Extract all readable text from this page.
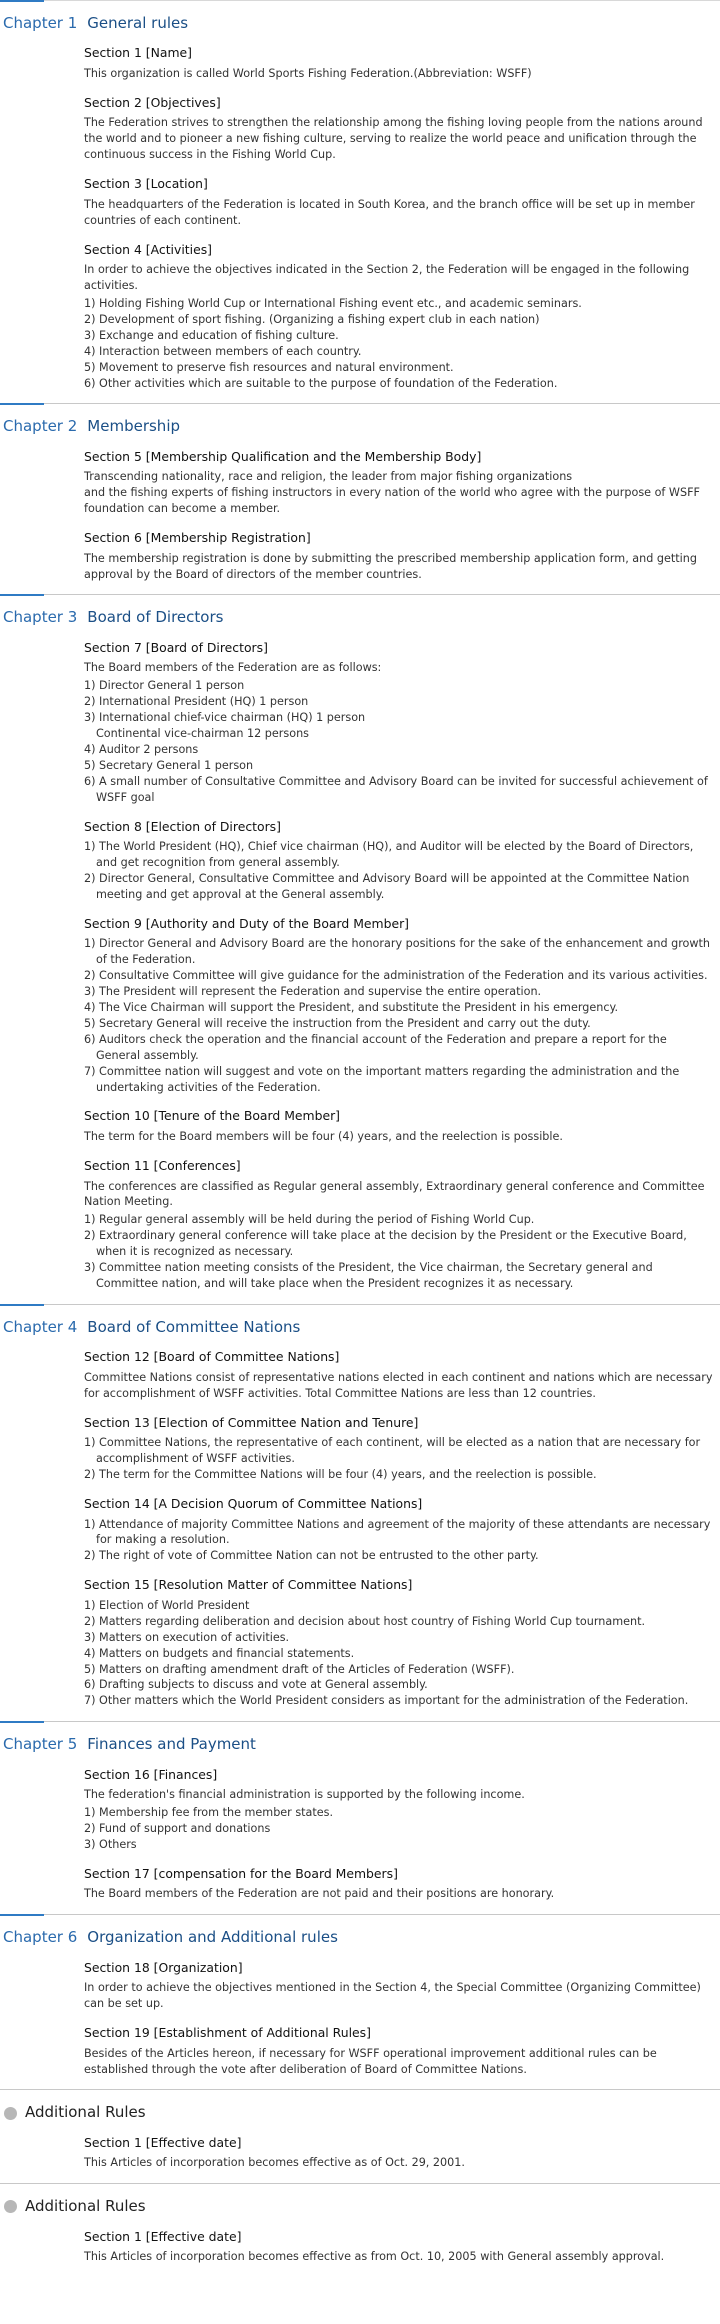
Chapter 1 General rules
Section 1 [Name]
This organization is called World Sports Fishing Federation.(Abbreviation: WSFF)
Section 2 [Objectives]
The Federation strives to strengthen the relationship among the fishing loving people from the nations around the world and to pioneer a new fishing culture, serving to realize the world peace and unification through the continuous success in the Fishing World Cup.
Section 3 [Location]
The headquarters of the Federation is located in South Korea, and the branch office will be set up in member countries of each continent.
Section 4 [Activities]
In order to achieve the objectives indicated in the Section 2, the Federation will be engaged in the following activities.
1) Holding Fishing World Cup or International Fishing event etc., and academic seminars.
2) Development of sport fishing. (Organizing a fishing expert club in each nation)
3) Exchange and education of fishing culture.
4) Interaction between members of each country.
5) Movement to preserve fish resources and natural environment.
6) Other activities which are suitable to the purpose of foundation of the Federation.
Chapter 2 Membership
Section 5 [Membership Qualification and the Membership Body]
Transcending nationality, race and religion, the leader from major fishing organizations
and the fishing experts of fishing instructors in every nation of the world who agree with the purpose of WSFF foundation can become a member.
Section 6 [Membership Registration]
The membership registration is done by submitting the prescribed membership application form, and getting approval by the Board of directors of the member countries.
Chapter 3 Board of Directors
Section 7 [Board of Directors]
The Board members of the Federation are as follows:
1) Director General 1 person
2) International President (HQ) 1 person
3) International chief-vice chairman (HQ) 1 person
Continental vice-chairman 12 persons
4) Auditor 2 persons
5) Secretary General 1 person
6) A small number of Consultative Committee and Advisory Board can be invited for successful achievement of WSFF goal
Section 8 [Election of Directors]
1) The World President (HQ), Chief vice chairman (HQ), and Auditor will be elected by the Board of Directors, and get recognition from general assembly.
2) Director General, Consultative Committee and Advisory Board will be appointed at the Committee Nation meeting and get approval at the General assembly.
Section 9 [Authority and Duty of the Board Member]
1) Director General and Advisory Board are the honorary positions for the sake of the enhancement and growth of the Federation.
2) Consultative Committee will give guidance for the administration of the Federation and its various activities.
3) The President will represent the Federation and supervise the entire operation.
4) The Vice Chairman will support the President, and substitute the President in his emergency.
5) Secretary General will receive the instruction from the President and carry out the duty.
6) Auditors check the operation and the financial account of the Federation and prepare a report for the General assembly.
7) Committee nation will suggest and vote on the important matters regarding the administration and the undertaking activities of the Federation.
Section 10 [Tenure of the Board Member]
The term for the Board members will be four (4) years, and the reelection is possible.
Section 11 [Conferences]
The conferences are classified as Regular general assembly, Extraordinary general conference and Committee Nation Meeting.
1) Regular general assembly will be held during the period of Fishing World Cup.
2) Extraordinary general conference will take place at the decision by the President or the Executive Board, when it is recognized as necessary.
3) Committee nation meeting consists of the President, the Vice chairman, the Secretary general and Committee nation, and will take place when the President recognizes it as necessary.
Chapter 4 Board of Committee Nations
Section 12 [Board of Committee Nations]
Committee Nations consist of representative nations elected in each continent and nations which are necessary for accomplishment of WSFF activities. Total Committee Nations are less than 12 countries.
Section 13 [Election of Committee Nation and Tenure]
1) Committee Nations, the representative of each continent, will be elected as a nation that are necessary for accomplishment of WSFF activities.
2) The term for the Committee Nations will be four (4) years, and the reelection is possible.
Section 14 [A Decision Quorum of Committee Nations]
1) Attendance of majority Committee Nations and agreement of the majority of these attendants are necessary for making a resolution.
2) The right of vote of Committee Nation can not be entrusted to the other party.
Section 15 [Resolution Matter of Committee Nations]
1) Election of World President
2) Matters regarding deliberation and decision about host country of Fishing World Cup tournament.
3) Matters on execution of activities.
4) Matters on budgets and financial statements.
5) Matters on drafting amendment draft of the Articles of Federation (WSFF).
6) Drafting subjects to discuss and vote at General assembly.
7) Other matters which the World President considers as important for the administration of the Federation.
Chapter 5 Finances and Payment
Section 16 [Finances]
The federation's financial administration is supported by the following income.
1) Membership fee from the member states.
2) Fund of support and donations
3) Others
Section 17 [compensation for the Board Members]
The Board members of the Federation are not paid and their positions are honorary.
Chapter 6 Organization and Additional rules
Section 18 [Organization]
In order to achieve the objectives mentioned in the Section 4, the Special Committee (Organizing Committee) can be set up.
Section 19 [Establishment of Additional Rules]
Besides of the Articles hereon, if necessary for WSFF operational improvement additional rules can be established through the vote after deliberation of Board of Committee Nations.
Additional Rules
Section 1 [Effective date]
This Articles of incorporation becomes effective as of Oct. 29, 2001.
Additional Rules
Section 1 [Effective date]
This Articles of incorporation becomes effective as from Oct. 10, 2005 with General assembly approval.
